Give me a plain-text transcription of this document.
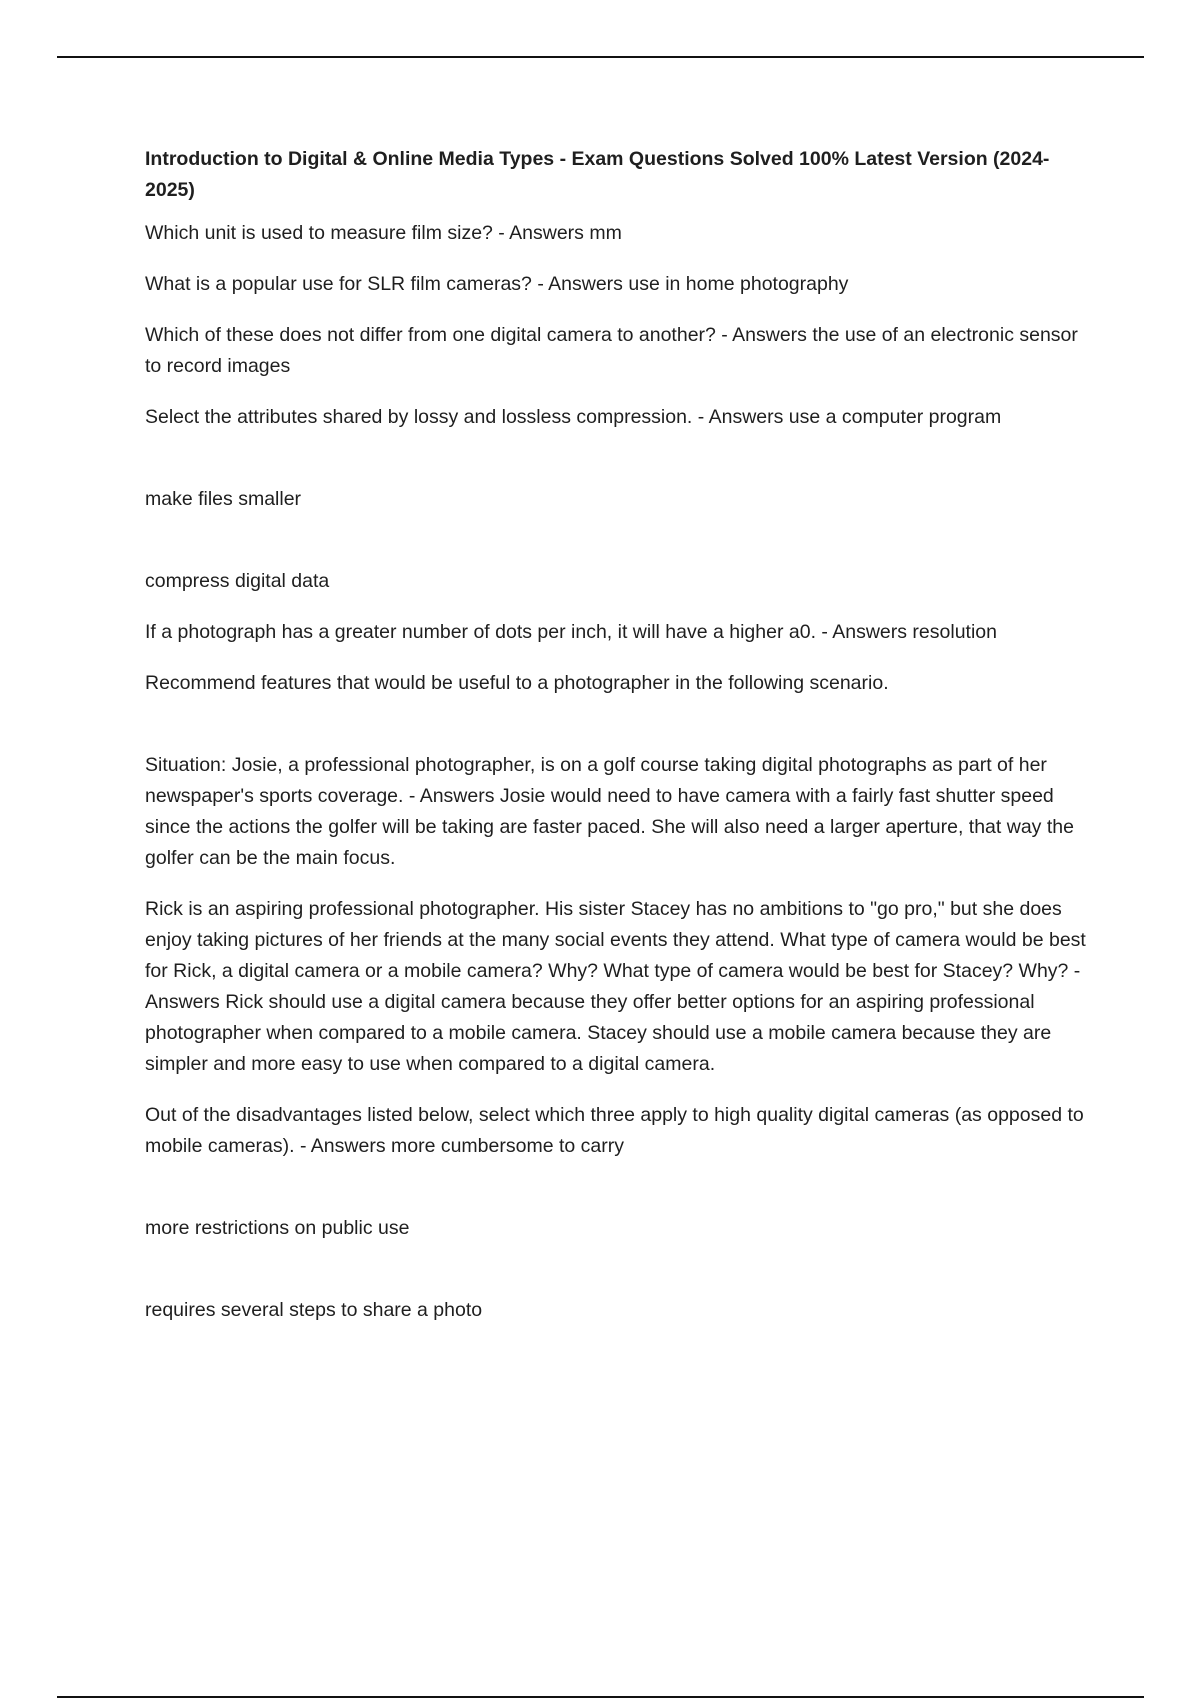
Introduction to Digital & Online Media Types - Exam Questions Solved 100% Latest Version (2024-2025)

Which unit is used to measure film size? - Answers mm

What is a popular use for SLR film cameras? - Answers use in home photography

Which of these does not differ from one digital camera to another? - Answers the use of an electronic sensor to record images

Select the attributes shared by lossy and lossless compression. - Answers use a computer program

make files smaller

compress digital data

If a photograph has a greater number of dots per inch, it will have a higher a0. - Answers resolution

Recommend features that would be useful to a photographer in the following scenario.

Situation: Josie, a professional photographer, is on a golf course taking digital photographs as part of her newspaper's sports coverage. - Answers Josie would need to have camera with a fairly fast shutter speed since the actions the golfer will be taking are faster paced. She will also need a larger aperture, that way the golfer can be the main focus.

Rick is an aspiring professional photographer. His sister Stacey has no ambitions to "go pro," but she does enjoy taking pictures of her friends at the many social events they attend. What type of camera would be best for Rick, a digital camera or a mobile camera? Why? What type of camera would be best for Stacey? Why? - Answers Rick should use a digital camera because they offer better options for an aspiring professional photographer when compared to a mobile camera. Stacey should use a mobile camera because they are simpler and more easy to use when compared to a digital camera.

Out of the disadvantages listed below, select which three apply to high quality digital cameras (as opposed to mobile cameras). - Answers more cumbersome to carry

more restrictions on public use

requires several steps to share a photo
